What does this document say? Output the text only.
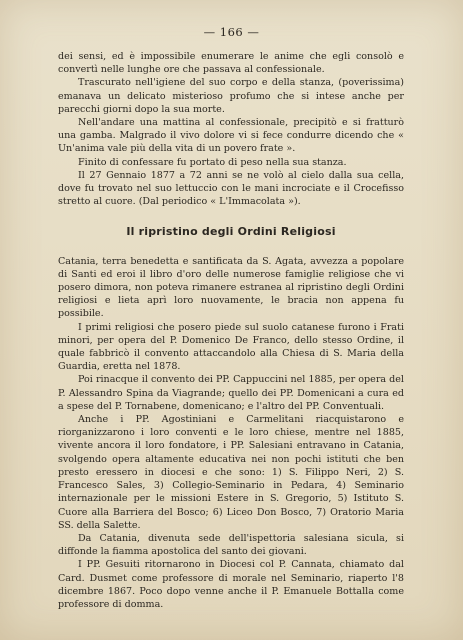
— 166 —

dei sensi, ed è impossibile enumerare le anime che egli consolò e convertì nelle lunghe ore che passava al confessionale.

Trascurato nell'igiene del suo corpo e della stanza, (poverissima) emanava un delicato misterioso profumo che si intese anche per parecchi giorni dopo la sua morte.

Nell'andare una mattina al confessionale, precipitò e si fratturò una gamba. Malgrado il vivo dolore vi si fece condurre dicendo che « Un'anima vale più della vita di un povero frate ».

Finito di confessare fu portato di peso nella sua stanza.

Il 27 Gennaio 1877 a 72 anni se ne volò al cielo dalla sua cella, dove fu trovato nel suo lettuccio con le mani incrociate e il Crocefisso stretto al cuore. (Dal periodico « L'Immacolata »).

Il ripristino degli Ordini Religiosi

Catania, terra benedetta e santificata da S. Agata, avvezza a popolare di Santi ed eroi il libro d'oro delle numerose famiglie religiose che vi posero dimora, non poteva rimanere estranea al ripristino degli Ordini religiosi e lieta aprì loro nuovamente, le bracia non appena fu possibile.

I primi religiosi che posero piede sul suolo catanese furono i Frati minori, per opera del P. Domenico De Franco, dello stesso Ordine, il quale fabbricò il convento attaccandolo alla Chiesa di S. Maria della Guardia, eretta nel 1878.

Poi rinacque il convento dei PP. Cappuccini nel 1885, per opera del P. Alessandro Spina da Viagrande; quello dei PP. Domenicani a cura ed a spese del P. Tornabene, domenicano; e l'altro del PP. Conventuali.

Anche i PP. Agostiniani e Carmelitani riacquistarono e riorganizzarono i loro conventi e le loro chiese, mentre nel 1885, vivente ancora il loro fondatore, i PP. Salesiani entravano in Catania, svolgendo opera altamente educativa nei non pochi istituti che ben presto eressero in diocesi e che sono: 1) S. Filippo Neri, 2) S. Francesco Sales, 3) Collegio-Seminario in Pedara, 4) Seminario internazionale per le missioni Estere in S. Gregorio, 5) Istituto S. Cuore alla Barriera del Bosco; 6) Liceo Don Bosco, 7) Oratorio Maria SS. della Salette.

Da Catania, divenuta sede dell'ispettoria salesiana sicula, si diffonde la fiamma apostolica del santo dei giovani.

I PP. Gesuiti ritornarono in Diocesi col P. Cannata, chiamato dal Card. Dusmet come professore di morale nel Seminario, riaperto l'8 dicembre 1867. Poco dopo venne anche il P. Emanuele Bottalla come professore di domma.
